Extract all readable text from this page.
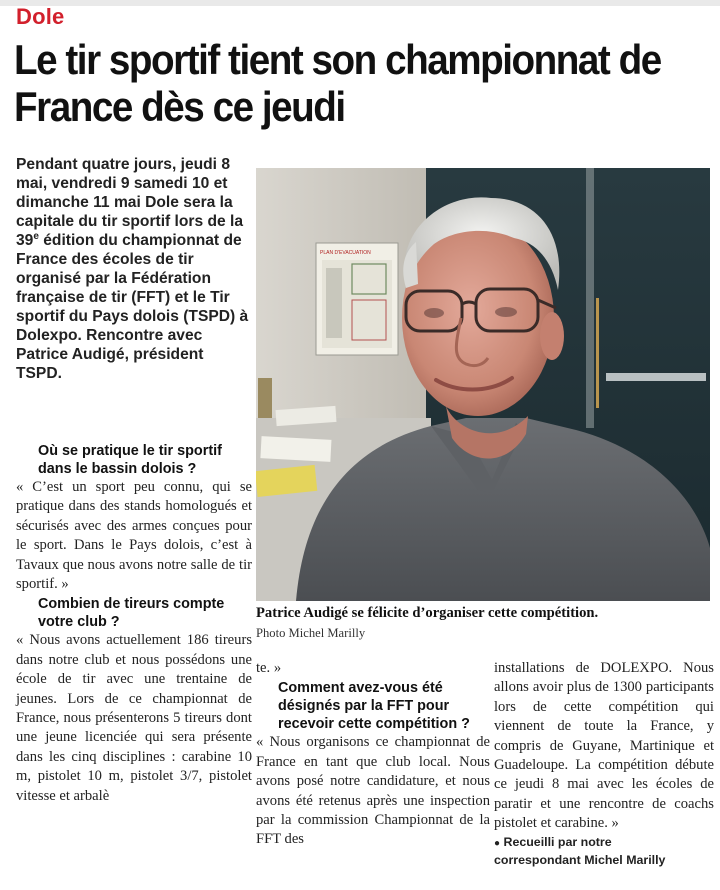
Dole
Le tir sportif tient son championnat de France dès ce jeudi
Pendant quatre jours, jeudi 8 mai, vendredi 9 samedi 10 et dimanche 11 mai Dole sera la capitale du tir sportif lors de la 39e édition du championnat de France des écoles de tir organisé par la Fédération française de tir (FFT) et le Tir sportif du Pays dolois (TSPD) à Dolexpo. Rencontre avec Patrice Audigé, président TSPD.
Où se pratique le tir sportif dans le bassin dolois ?

« C’est un sport peu connu, qui se pratique dans des stands homologués et sécurisés avec des armes conçues pour le sport. Dans le Pays dolois, c’est à Tavaux que nous avons notre salle de tir sportif. »

Combien de tireurs compte votre club ?

« Nous avons actuellement 186 tireurs dans notre club et nous possédons une école de tir avec une trentaine de jeunes. Lors de ce championnat de France, nous présenterons 5 tireurs dont une jeune licenciée qui sera présente dans les cinq disciplines : carabine 10 m, pistolet 10 m, pistolet 3/7, pistolet vitesse et arbalè

te. »

Comment avez-vous été désignés par la FFT pour recevoir cette compétition ?

« Nous organisons ce championnat de France en tant que club local. Nous avons posé notre candidature, et nous avons été retenus après une inspection par la commission Championnat de la FFT des

installations de DOLEXPO. Nous allons avoir plus de 1300 participants lors de cette compétition qui viennent de toute la France, y compris de Guyane, Martinique et Guadeloupe. La compétition débute ce jeudi 8 mai avec les écoles de paratir et une rencontre de coachs pistolet et carabine. »

● Recueilli par notre
correspondant Michel Marilly
PLAN D'EVACUATION
Patrice Audigé se félicite d’organiser cette compétition.
Photo Michel Marilly
